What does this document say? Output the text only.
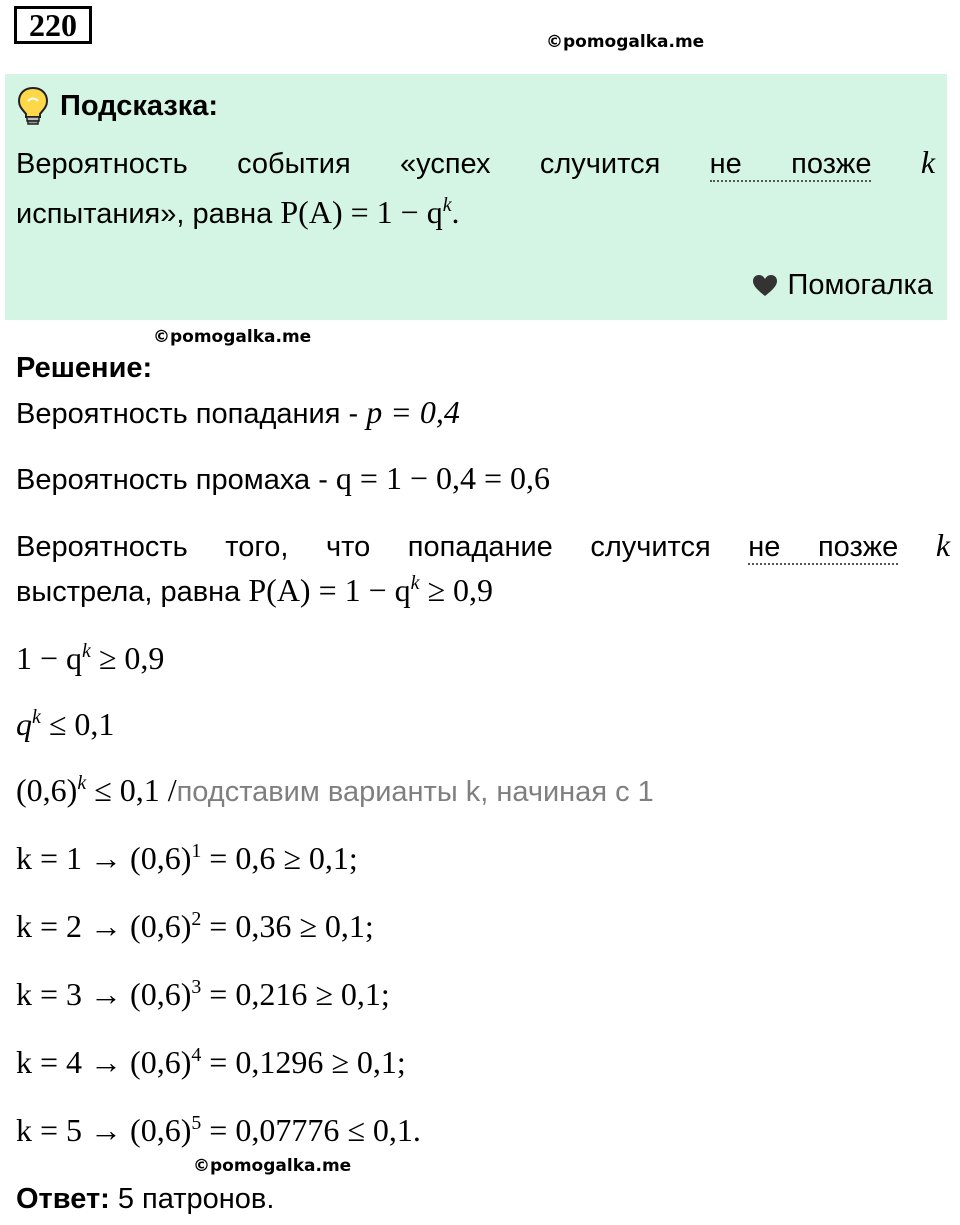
220	©pomogalka.me
Подсказка:
Вероятность события «успех случится не позже k
испытания», равна $P(A) = 1 - q^k$.
Помогалка
©pomogalka.me
Решение:
Вероятность попадания - p = 0,4
Вероятность промаха - q = 1 − 0,4 = 0,6
Вероятность того, что попадание случится не позже k
выстрела, равна $P(A) = 1 - q^k \ge 0,9$
$1 - q^k \ge 0,9$
$q^k \le 0,1$
$(0,6)^k \le 0,1$ /подставим варианты k, начиная с 1
$k = 1 \to (0,6)^1 = 0,6 \ge 0,1$;
$k = 2 \to (0,6)^2 = 0,36 \ge 0,1$;
$k = 3 \to (0,6)^3 = 0,216 \ge 0,1$;
$k = 4 \to (0,6)^4 = 0,1296 \ge 0,1$;
$k = 5 \to (0,6)^5 = 0,07776 \le 0,1$.
©pomogalka.me
Ответ: 5 патронов.
